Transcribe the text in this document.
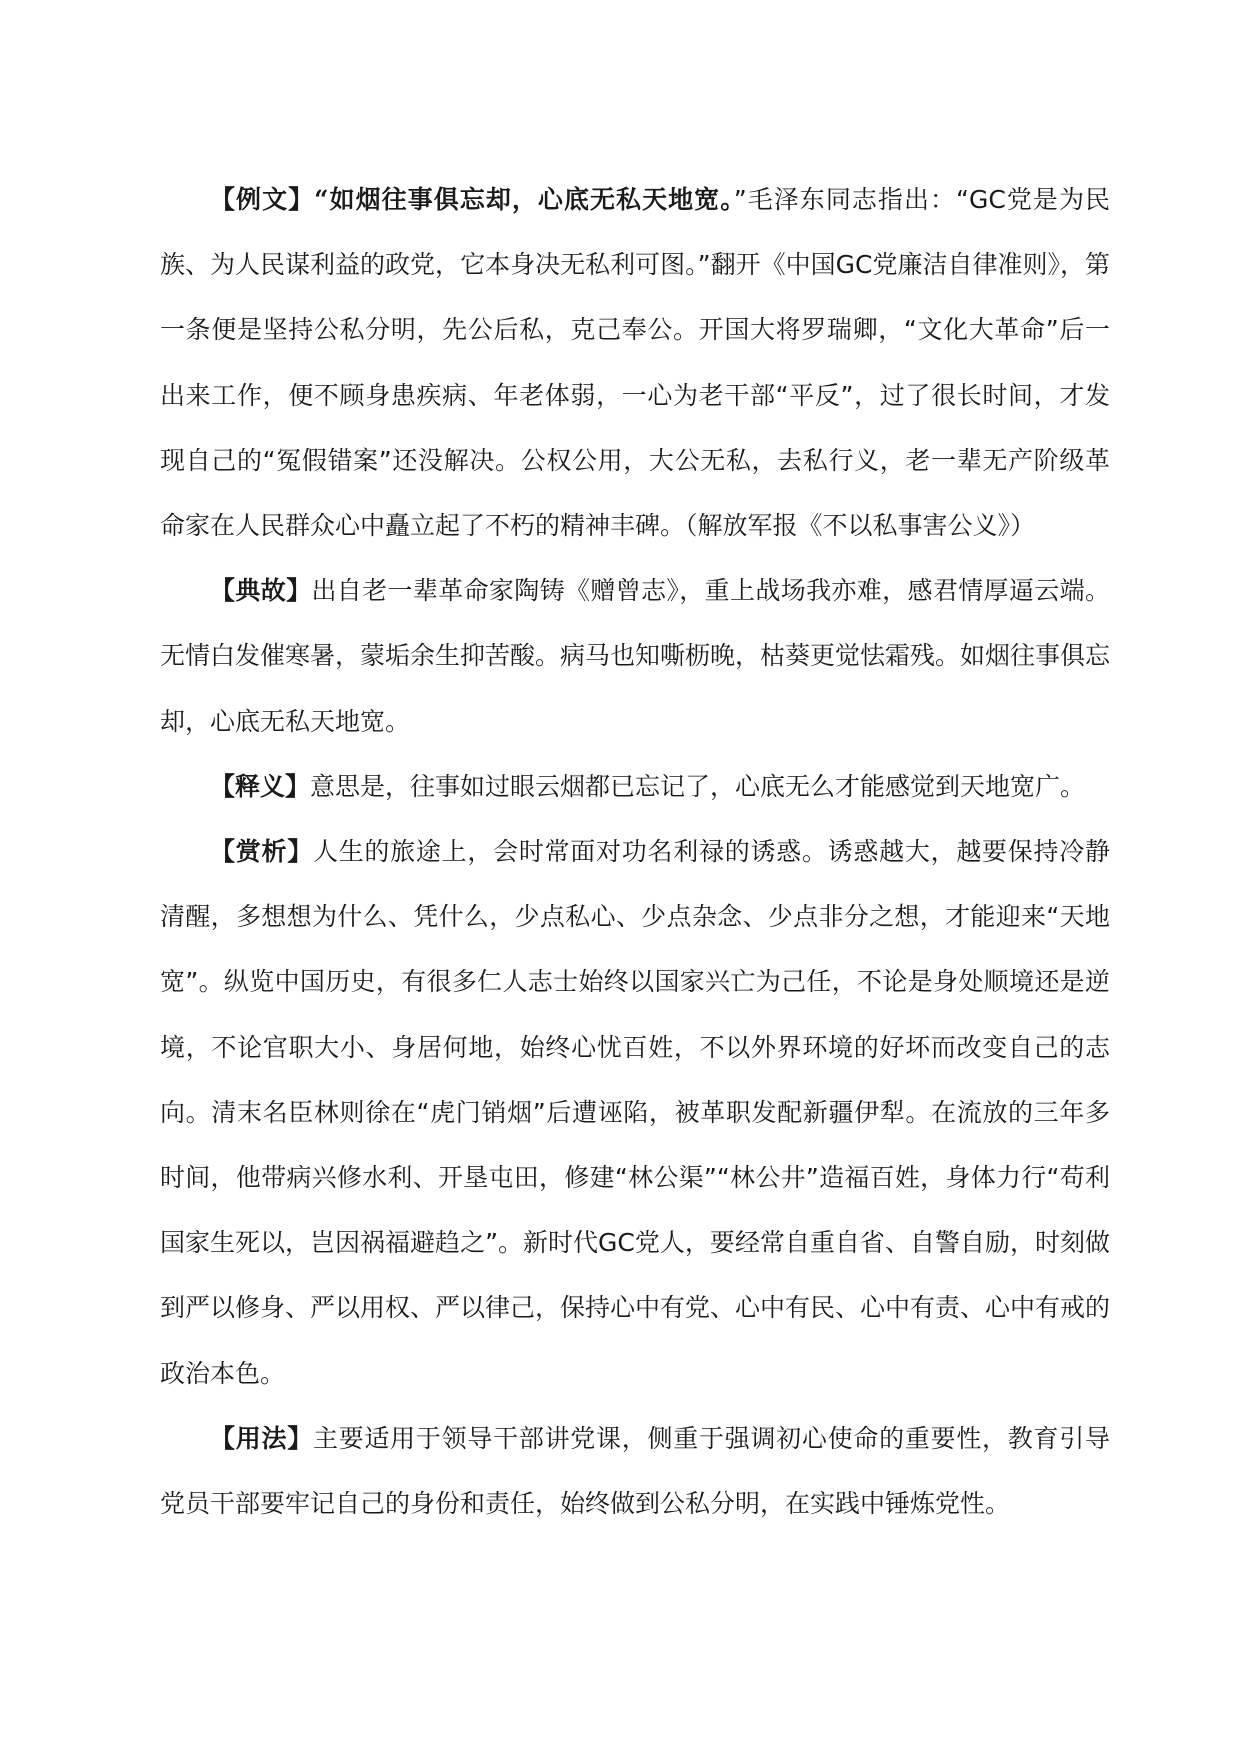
【例文】“如烟往事俱忘却，心底无私天地宽。”毛泽东同志指出：“GC党是为民族、为人民谋利益的政党，它本身决无私利可图。”翻开《中国GC党廉洁自律准则》，第一条便是坚持公私分明，先公后私，克己奉公。开国大将罗瑞卿，“文化大革命”后一出来工作，便不顾身患疾病、年老体弱，一心为老干部“平反”，过了很长时间，才发现自己的“冤假错案”还没解决。公权公用，大公无私，去私行义，老一辈无产阶级革命家在人民群众心中矗立起了不朽的精神丰碑。（解放军报《不以私事害公义》）

【典故】出自老一辈革命家陶铸《赠曾志》，重上战场我亦难，感君情厚逼云端。无情白发催寒暑，蒙垢余生抑苦酸。病马也知嘶枥晚，枯葵更觉怯霜残。如烟往事俱忘却，心底无私天地宽。

【释义】意思是，往事如过眼云烟都已忘记了，心底无么才能感觉到天地宽广。

【赏析】人生的旅途上，会时常面对功名利禄的诱惑。诱惑越大，越要保持冷静清醒，多想想为什么、凭什么，少点私心、少点杂念、少点非分之想，才能迎来“天地宽”。纵览中国历史，有很多仁人志士始终以国家兴亡为己任，不论是身处顺境还是逆境，不论官职大小、身居何地，始终心忧百姓，不以外界环境的好坏而改变自己的志向。清末名臣林则徐在“虎门销烟”后遭诬陷，被革职发配新疆伊犁。在流放的三年多时间，他带病兴修水利、开垦屯田，修建“林公渠”“林公井”造福百姓，身体力行“苟利国家生死以，岂因祸福避趋之”。新时代GC党人，要经常自重自省、自警自励，时刻做到严以修身、严以用权、严以律己，保持心中有党、心中有民、心中有责、心中有戒的政治本色。

【用法】主要适用于领导干部讲党课，侧重于强调初心使命的重要性，教育引导党员干部要牢记自己的身份和责任，始终做到公私分明，在实践中锤炼党性。
